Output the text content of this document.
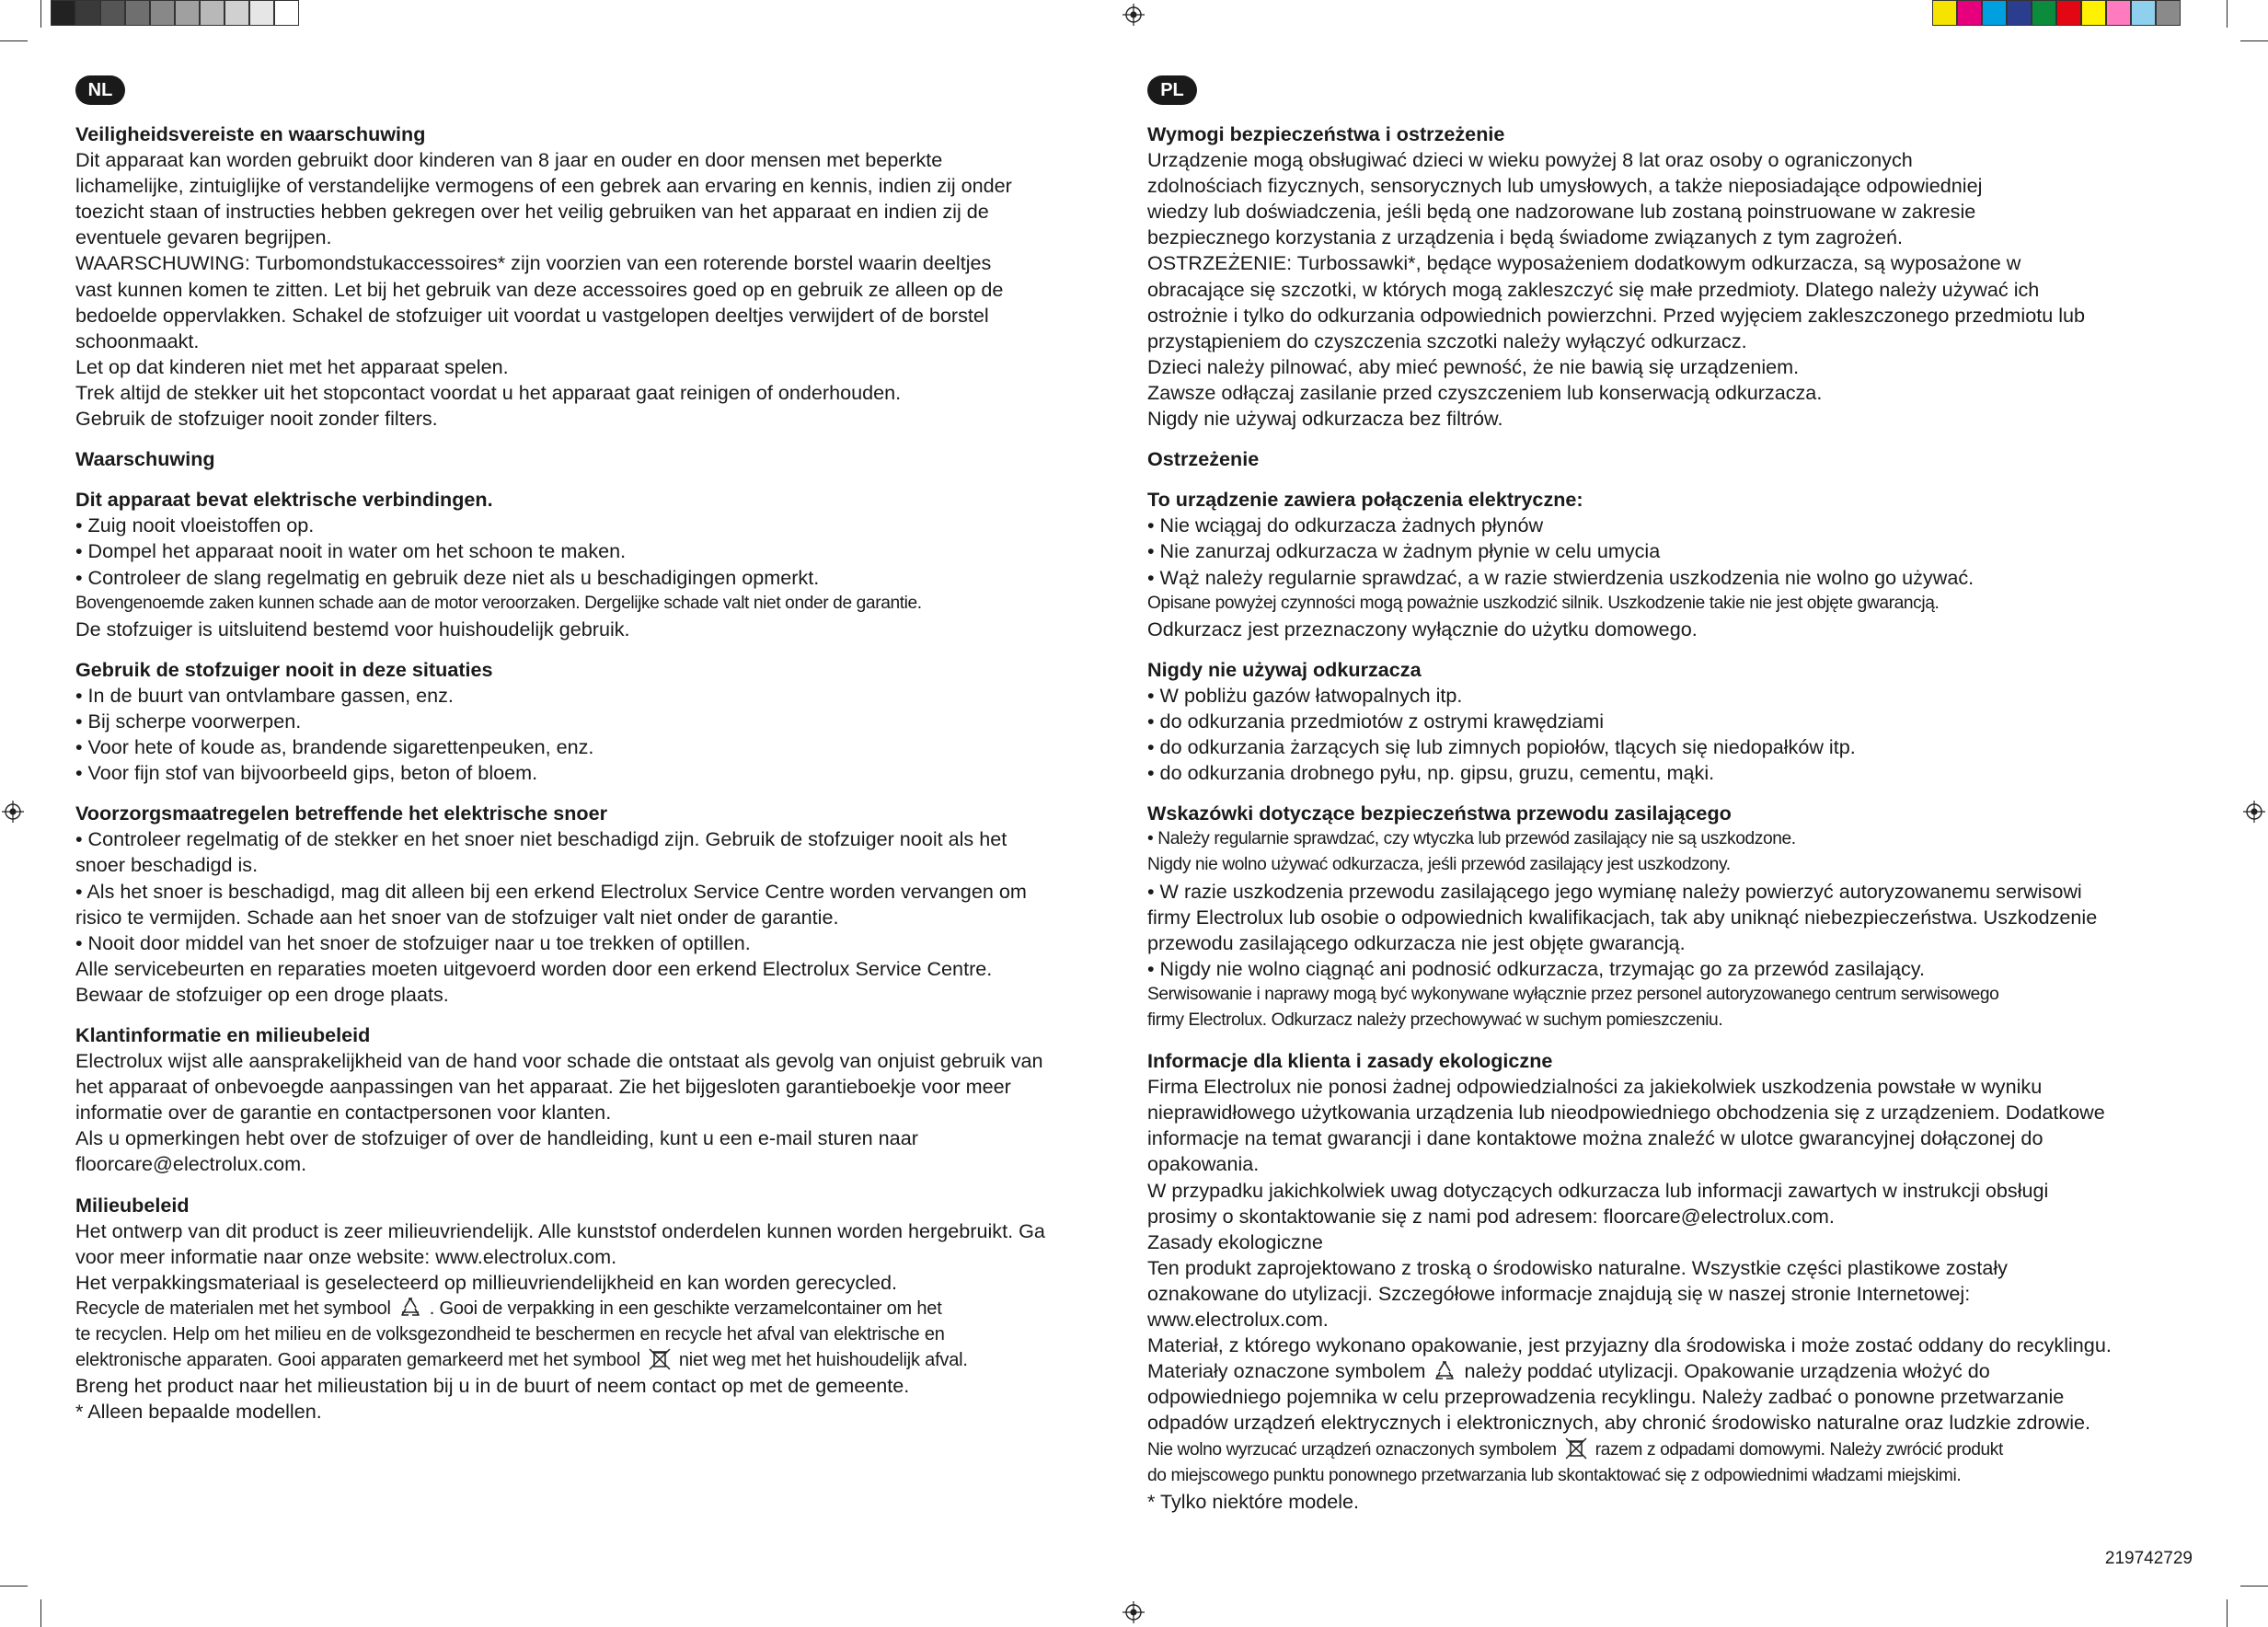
NL
Veiligheidsvereiste en waarschuwing
Dit apparaat kan worden gebruikt door kinderen van 8 jaar en ouder en door mensen met beperkte
lichamelijke, zintuiglijke of verstandelijke vermogens of een gebrek aan ervaring en kennis, indien zij onder
toezicht staan of instructies hebben gekregen over het veilig gebruiken van het apparaat en indien zij de
eventuele gevaren begrijpen.
WAARSCHUWING: Turbomondstukaccessoires* zijn voorzien van een roterende borstel waarin deeltjes
vast kunnen komen te zitten. Let bij het gebruik van deze accessoires goed op en gebruik ze alleen op de
bedoelde oppervlakken. Schakel de stofzuiger uit voordat u vastgelopen deeltjes verwijdert of de borstel
schoonmaakt.
Let op dat kinderen niet met het apparaat spelen.
Trek altijd de stekker uit het stopcontact voordat u het apparaat gaat reinigen of onderhouden.
Gebruik de stofzuiger nooit zonder filters.
Waarschuwing
Dit apparaat bevat elektrische verbindingen.
• Zuig nooit vloeistoffen op.
• Dompel het apparaat nooit in water om het schoon te maken.
• Controleer de slang regelmatig en gebruik deze niet als u beschadigingen opmerkt.
Bovengenoemde zaken kunnen schade aan de motor veroorzaken. Dergelijke schade valt niet onder de garantie.
De stofzuiger is uitsluitend bestemd voor huishoudelijk gebruik.
Gebruik de stofzuiger nooit in deze situaties
• In de buurt van ontvlambare gassen, enz.
• Bij scherpe voorwerpen.
• Voor hete of koude as, brandende sigarettenpeuken, enz.
• Voor fijn stof van bijvoorbeeld gips, beton of bloem.
Voorzorgsmaatregelen betreffende het elektrische snoer
• Controleer regelmatig of de stekker en het snoer niet beschadigd zijn. Gebruik de stofzuiger nooit als het
snoer beschadigd is.
• Als het snoer is beschadigd, mag dit alleen bij een erkend Electrolux Service Centre worden vervangen om
risico te vermijden. Schade aan het snoer van de stofzuiger valt niet onder de garantie.
• Nooit door middel van het snoer de stofzuiger naar u toe trekken of optillen.
Alle servicebeurten en reparaties moeten uitgevoerd worden door een erkend Electrolux Service Centre.
Bewaar de stofzuiger op een droge plaats.
Klantinformatie en milieubeleid
Electrolux wijst alle aansprakelijkheid van de hand voor schade die ontstaat als gevolg van onjuist gebruik van
het apparaat of onbevoegde aanpassingen van het apparaat. Zie het bijgesloten garantieboekje voor meer
informatie over de garantie en contactpersonen voor klanten.
Als u opmerkingen hebt over de stofzuiger of over de handleiding, kunt u een e-mail sturen naar
floorcare@electrolux.com.
Milieubeleid
Het ontwerp van dit product is zeer milieuvriendelijk. Alle kunststof onderdelen kunnen worden hergebruikt. Ga
voor meer informatie naar onze website: www.electrolux.com.
Het verpakkingsmateriaal is geselecteerd op millieuvriendelijkheid en kan worden gerecycled.
Recycle de materialen met het symbool . Gooi de verpakking in een geschikte verzamelcontainer om het
te recyclen. Help om het milieu en de volksgezondheid te beschermen en recycle het afval van elektrische en
elektronische apparaten. Gooi apparaten gemarkeerd met het symbool niet weg met het huishoudelijk afval.
Breng het product naar het milieustation bij u in de buurt of neem contact op met de gemeente.
* Alleen bepaalde modellen.
PL
Wymogi bezpieczeństwa i ostrzeżenie
Urządzenie mogą obsługiwać dzieci w wieku powyżej 8 lat oraz osoby o ograniczonych
zdolnościach fizycznych, sensorycznych lub umysłowych, a także nieposiadające odpowiedniej
wiedzy lub doświadczenia, jeśli będą one nadzorowane lub zostaną poinstruowane w zakresie
bezpiecznego korzystania z urządzenia i będą świadome związanych z tym zagrożeń.
OSTRZEŻENIE: Turbossawki*, będące wyposażeniem dodatkowym odkurzacza, są wyposażone w
obracające się szczotki, w których mogą zakleszczyć się małe przedmioty. Dlatego należy używać ich
ostrożnie i tylko do odkurzania odpowiednich powierzchni. Przed wyjęciem zakleszczonego przedmiotu lub
przystąpieniem do czyszczenia szczotki należy wyłączyć odkurzacz.
Dzieci należy pilnować, aby mieć pewność, że nie bawią się urządzeniem.
Zawsze odłączaj zasilanie przed czyszczeniem lub konserwacją odkurzacza.
Nigdy nie używaj odkurzacza bez filtrów.
Ostrzeżenie
To urządzenie zawiera połączenia elektryczne:
• Nie wciągaj do odkurzacza żadnych płynów
• Nie zanurzaj odkurzacza w żadnym płynie w celu umycia
• Wąż należy regularnie sprawdzać, a w razie stwierdzenia uszkodzenia nie wolno go używać.
Opisane powyżej czynności mogą poważnie uszkodzić silnik. Uszkodzenie takie nie jest objęte gwarancją.
Odkurzacz jest przeznaczony wyłącznie do użytku domowego.
Nigdy nie używaj odkurzacza
• W pobliżu gazów łatwopalnych itp.
• do odkurzania przedmiotów z ostrymi krawędziami
• do odkurzania żarzących się lub zimnych popiołów, tlących się niedopałków itp.
• do odkurzania drobnego pyłu, np. gipsu, gruzu, cementu, mąki.
Wskazówki dotyczące bezpieczeństwa przewodu zasilającego
• Należy regularnie sprawdzać, czy wtyczka lub przewód zasilający nie są uszkodzone.
Nigdy nie wolno używać odkurzacza, jeśli przewód zasilający jest uszkodzony.
• W razie uszkodzenia przewodu zasilającego jego wymianę należy powierzyć autoryzowanemu serwisowi
firmy Electrolux lub osobie o odpowiednich kwalifikacjach, tak aby uniknąć niebezpieczeństwa. Uszkodzenie
przewodu zasilającego odkurzacza nie jest objęte gwarancją.
• Nigdy nie wolno ciągnąć ani podnosić odkurzacza, trzymając go za przewód zasilający.
Serwisowanie i naprawy mogą być wykonywane wyłącznie przez personel autoryzowanego centrum serwisowego
firmy Electrolux. Odkurzacz należy przechowywać w suchym pomieszczeniu.
Informacje dla klienta i zasady ekologiczne
Firma Electrolux nie ponosi żadnej odpowiedzialności za jakiekolwiek uszkodzenia powstałe w wyniku
nieprawidłowego użytkowania urządzenia lub nieodpowiedniego obchodzenia się z urządzeniem. Dodatkowe
informacje na temat gwarancji i dane kontaktowe można znaleźć w ulotce gwarancyjnej dołączonej do
opakowania.
W przypadku jakichkolwiek uwag dotyczących odkurzacza lub informacji zawartych w instrukcji obsługi
prosimy o skontaktowanie się z nami pod adresem: floorcare@electrolux.com.
Zasady ekologiczne
Ten produkt zaprojektowano z troską o środowisko naturalne. Wszystkie części plastikowe zostały
oznakowane do utylizacji. Szczegółowe informacje znajdują się w naszej stronie Internetowej:
www.electrolux.com.
Materiał, z którego wykonano opakowanie, jest przyjazny dla środowiska i może zostać oddany do recyklingu.
Materiały oznaczone symbolem należy poddać utylizacji. Opakowanie urządzenia włożyć do
odpowiedniego pojemnika w celu przeprowadzenia recyklingu. Należy zadbać o ponowne przetwarzanie
odpadów urządzeń elektrycznych i elektronicznych, aby chronić środowisko naturalne oraz ludzkie zdrowie.
Nie wolno wyrzucać urządzeń oznaczonych symbolem razem z odpadami domowymi. Należy zwrócić produkt
do miejscowego punktu ponownego przetwarzania lub skontaktować się z odpowiednimi władzami miejskimi.
* Tylko niektóre modele.
219742729
